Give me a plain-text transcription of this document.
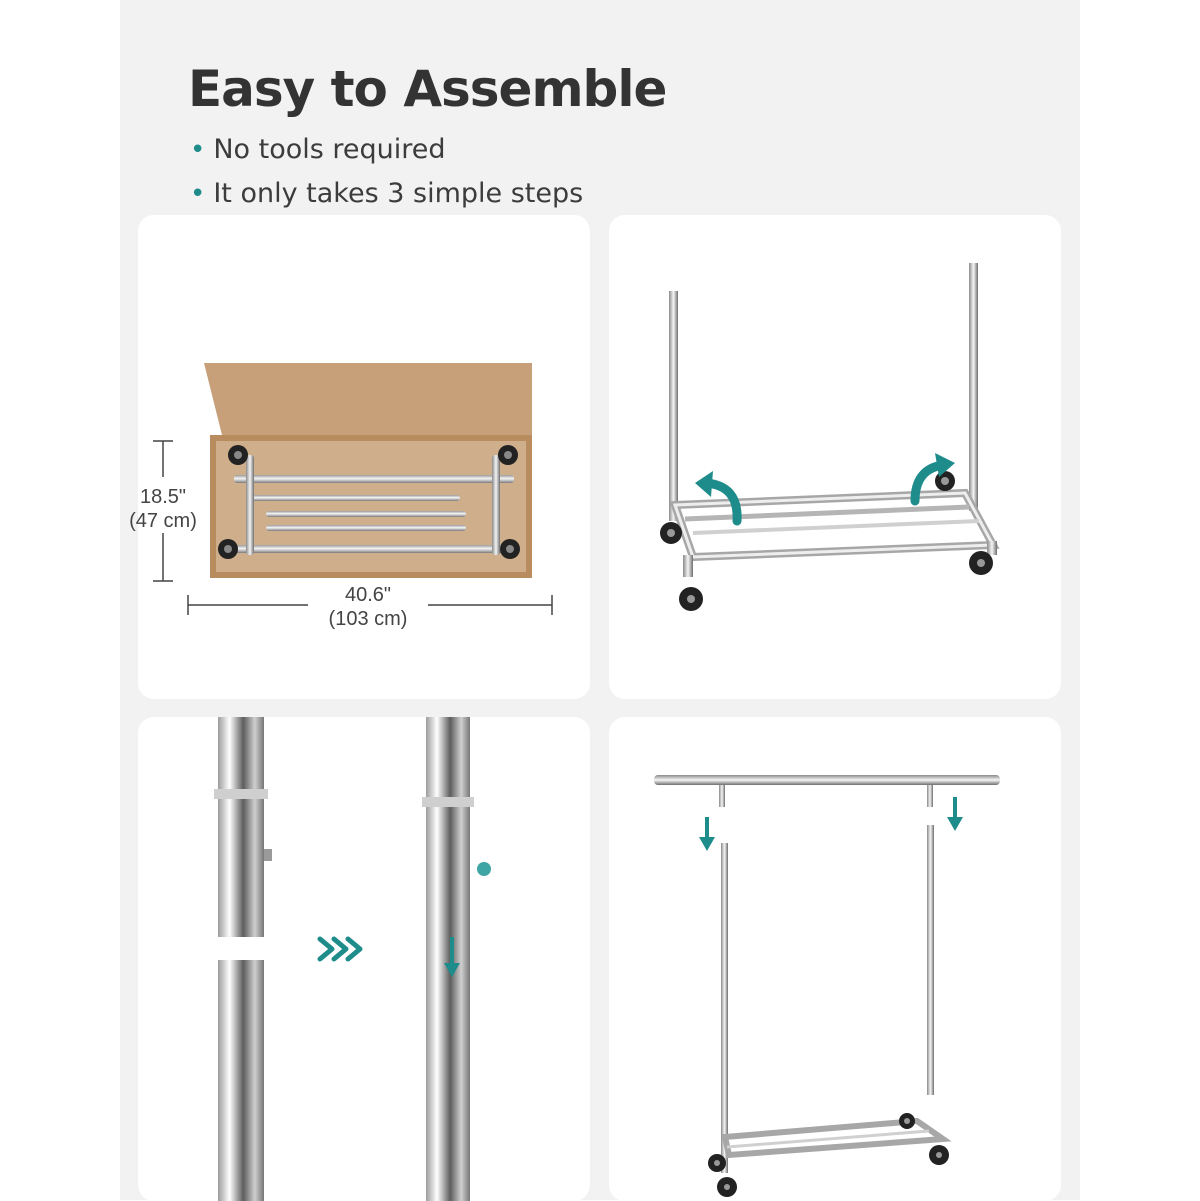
Easy to Assemble
• No tools required
• It only takes 3 simple steps
18.5"
(47 cm)
40.6"
(103 cm)
